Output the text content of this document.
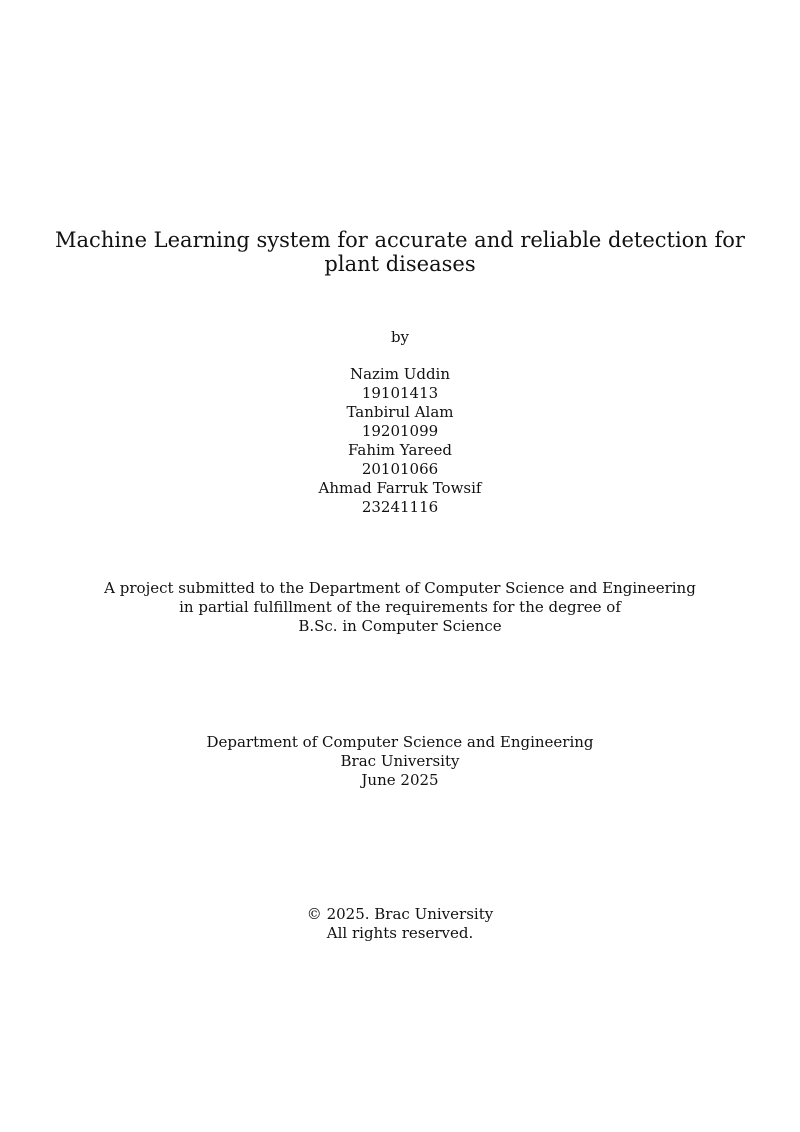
Machine Learning system for accurate and reliable detection for
plant diseases
by
Nazim Uddin
19101413
Tanbirul Alam
19201099
Fahim Yareed
20101066
Ahmad Farruk Towsif
23241116
A project submitted to the Department of Computer Science and Engineering
in partial fulfillment of the requirements for the degree of
B.Sc. in Computer Science
Department of Computer Science and Engineering
Brac University
June 2025
© 2025. Brac University
All rights reserved.
